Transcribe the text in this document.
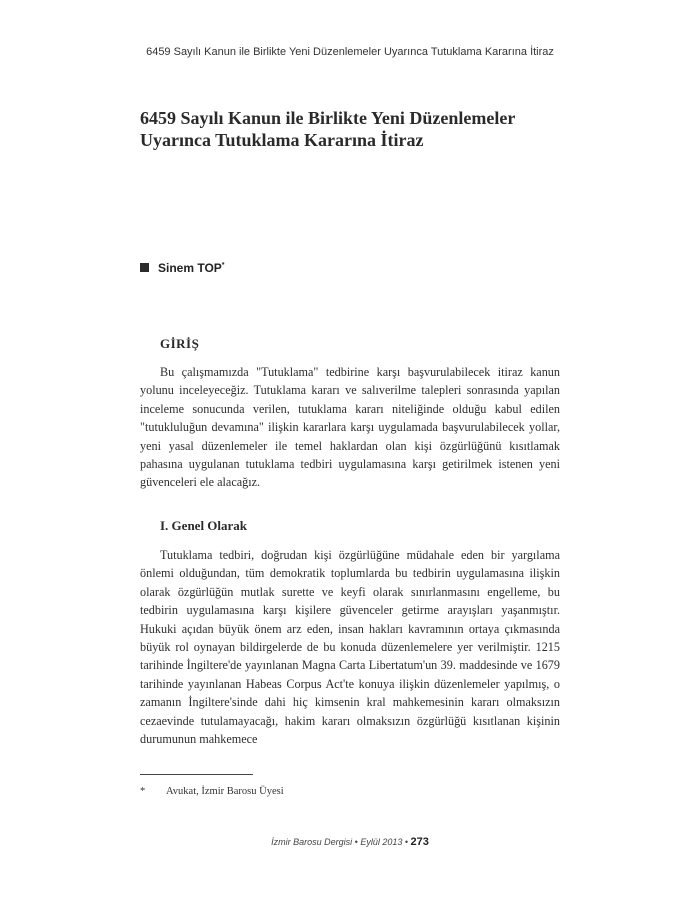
6459 Sayılı Kanun ile Birlikte Yeni Düzenlemeler Uyarınca Tutuklama Kararına İtiraz
6459 Sayılı Kanun ile Birlikte Yeni Düzenlemeler Uyarınca Tutuklama Kararına İtiraz
Sinem TOP*
GİRİŞ

Bu çalışmamızda "Tutuklama" tedbirine karşı başvurulabilecek itiraz kanun yolunu inceleyeceğiz. Tutuklama kararı ve salıverilme talepleri sonrasında yapılan inceleme sonucunda verilen, tutuklama kararı niteliğinde olduğu kabul edilen "tutukluluğun devamına" ilişkin kararlara karşı uygulamada başvurulabilecek yollar, yeni yasal düzenlemeler ile temel haklardan olan kişi özgürlüğünü kısıtlamak pahasına uygulanan tutuklama tedbiri uygulamasına karşı getirilmek istenen yeni güvenceleri ele alacağız.

I. Genel Olarak

Tutuklama tedbiri, doğrudan kişi özgürlüğüne müdahale eden bir yargılama önlemi olduğundan, tüm demokratik toplumlarda bu tedbirin uygulamasına ilişkin olarak özgürlüğün mutlak surette ve keyfi olarak sınırlanmasını engelleme, bu tedbirin uygulamasına karşı kişilere güvenceler getirme arayışları yaşanmıştır. Hukuki açıdan büyük önem arz eden, insan hakları kavramının ortaya çıkmasında büyük rol oynayan bildirgelerde de bu konuda düzenlemelere yer verilmiştir. 1215 tarihinde İngiltere'de yayınlanan Magna Carta Libertatum'un 39. maddesinde ve 1679 tarihinde yayınlanan Habeas Corpus Act'te konuya ilişkin düzenlemeler yapılmış, o zamanın İngiltere'sinde dahi hiç kimsenin kral mahkemesinin kararı olmaksızın cezaevinde tutulamayacağı, hakim kararı olmaksızın özgürlüğü kısıtlanan kişinin durumunun mahkemece

* Avukat, İzmir Barosu Üyesi
İzmir Barosu Dergisi • Eylül 2013 • 273
